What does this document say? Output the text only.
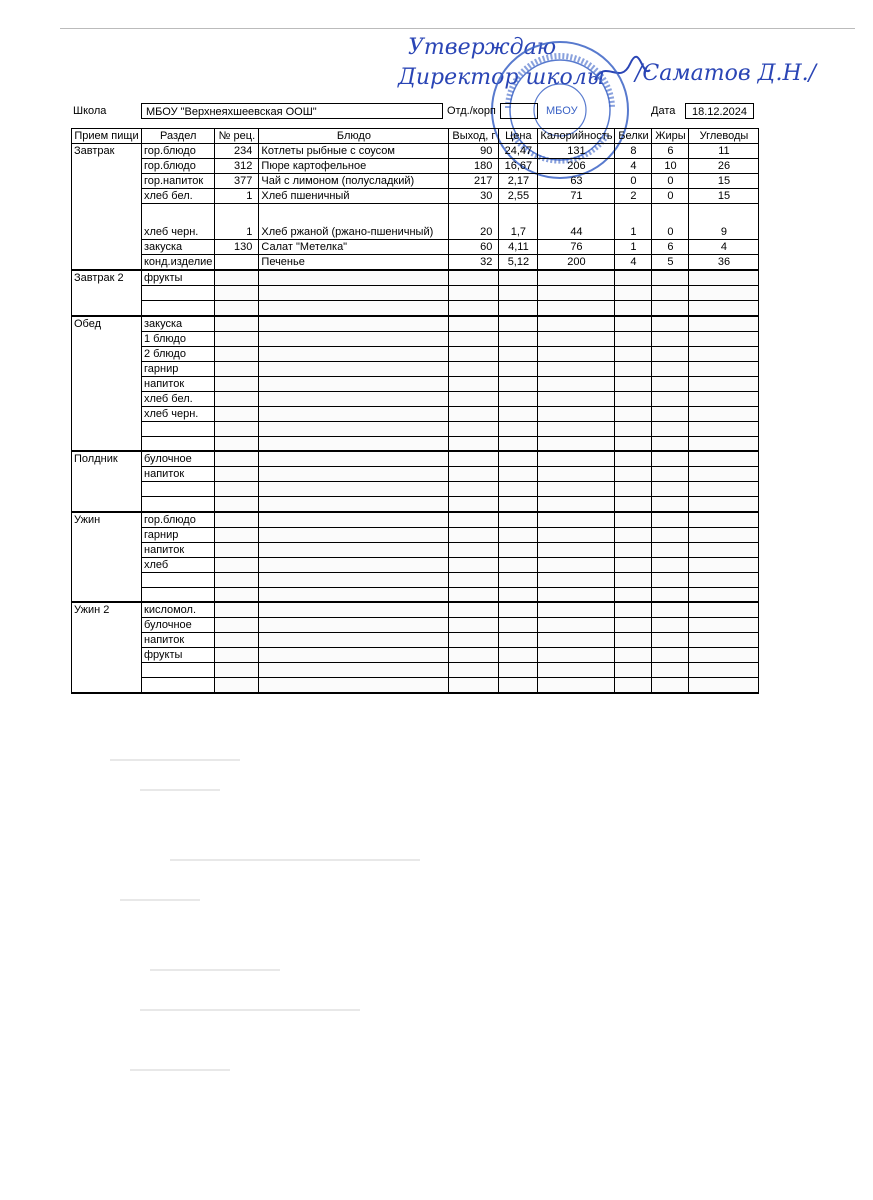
Утверждаю
Директор школы /Саматов Д.Н./
МБОУ
Школа	МБОУ "Верхнеяхшеевская ООШ"	Отд./корп	Дата	18.12.2024
Прием пищи	Раздел	№ рец.	Блюдо	Выход, г	Цена	Калорийность	Белки	Жиры	Углеводы
Завтрак	гор.блюдо	234	Котлеты рыбные с соусом	90	24,47	131	8	6	11
	гор.блюдо	312	Пюре картофельное	180	16,67	206	4	10	26
	гор.напиток	377	Чай с лимоном (полусладкий)	217	2,17	63	0	0	15
	хлеб бел.	1	Хлеб пшеничный	30	2,55	71	2	0	15
	хлеб черн.	1	Хлеб ржаной (ржано-пшеничный)	20	1,7	44	1	0	9
	закуска	130	Салат "Метелка"	60	4,11	76	1	6	4
	конд.изделие		Печенье	32	5,12	200	4	5	36
Завтрак 2	фрукты								

Обед	закуска								
	1 блюдо								
	2 блюдо								
	гарнир								
	напиток								
	хлеб бел.								
	хлеб черн.								

Полдник	булочное								
	напиток								

Ужин	гор.блюдо								
	гарнир								
	напиток								
	хлеб								

Ужин 2	кисломол.								
	булочное								
	напиток								
	фрукты								
